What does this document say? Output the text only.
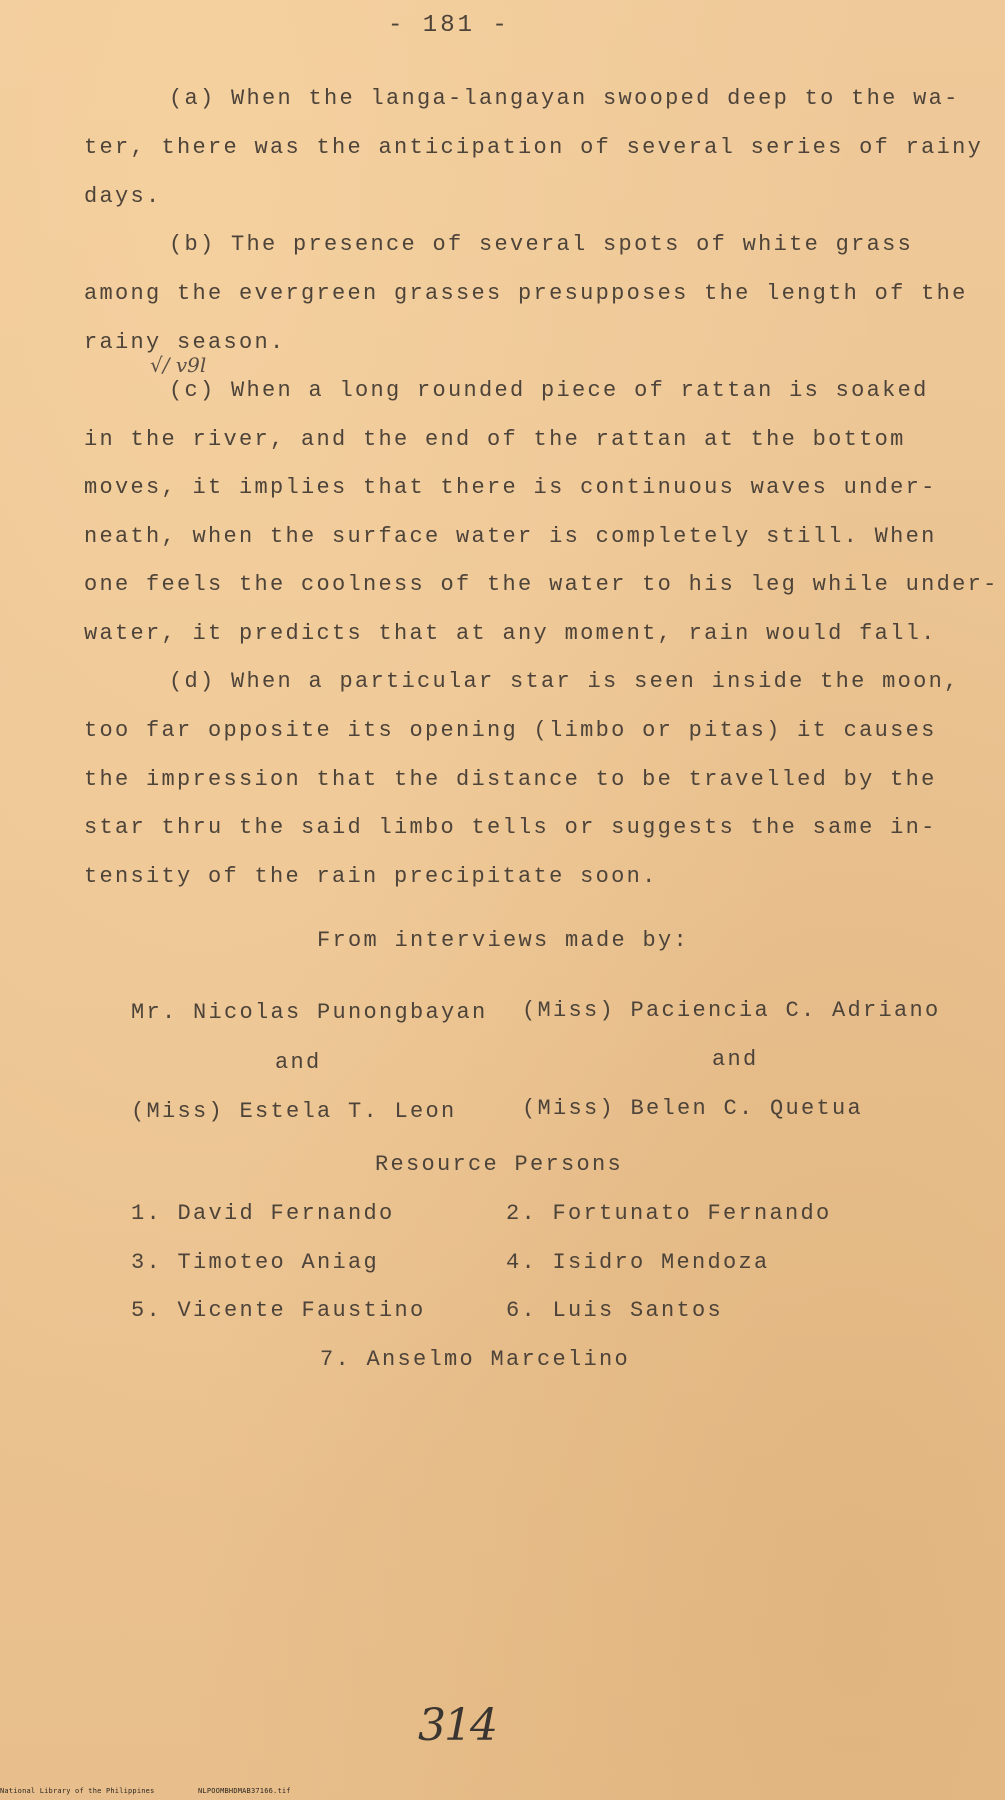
- 181 -
(a) When the langa-langayan swooped deep to the wa-
ter, there was the anticipation of several series of rainy
days.
(b) The presence of several spots of white grass
among the evergreen grasses presupposes the length of the
rainy season.
√/ v9l
(c) When a long rounded piece of rattan is soaked
in the river, and the end of the rattan at the bottom
moves, it implies that there is continuous waves under-
neath, when the surface water is completely still. When
one feels the coolness of the water to his leg while under-
water, it predicts that at any moment, rain would fall.
(d) When a particular star is seen inside the moon,
too far opposite its opening (limbo or pitas) it causes
the impression that the distance to be travelled by the
star thru the said limbo tells or suggests the same in-
tensity of the rain precipitate soon.
From interviews made by:
Mr. Nicolas Punongbayan (Miss) Paciencia C. Adriano
and	and
(Miss) Estela T. Leon	(Miss) Belen C. Quetua
Resource Persons
1. David Fernando	2. Fortunato Fernando
3. Timoteo Aniag	4. Isidro Mendoza
5. Vicente Faustino	6. Luis Santos
7. Anselmo Marcelino
314
National Library of the Philippines	NLPOOMBHDMAB37166.tif
